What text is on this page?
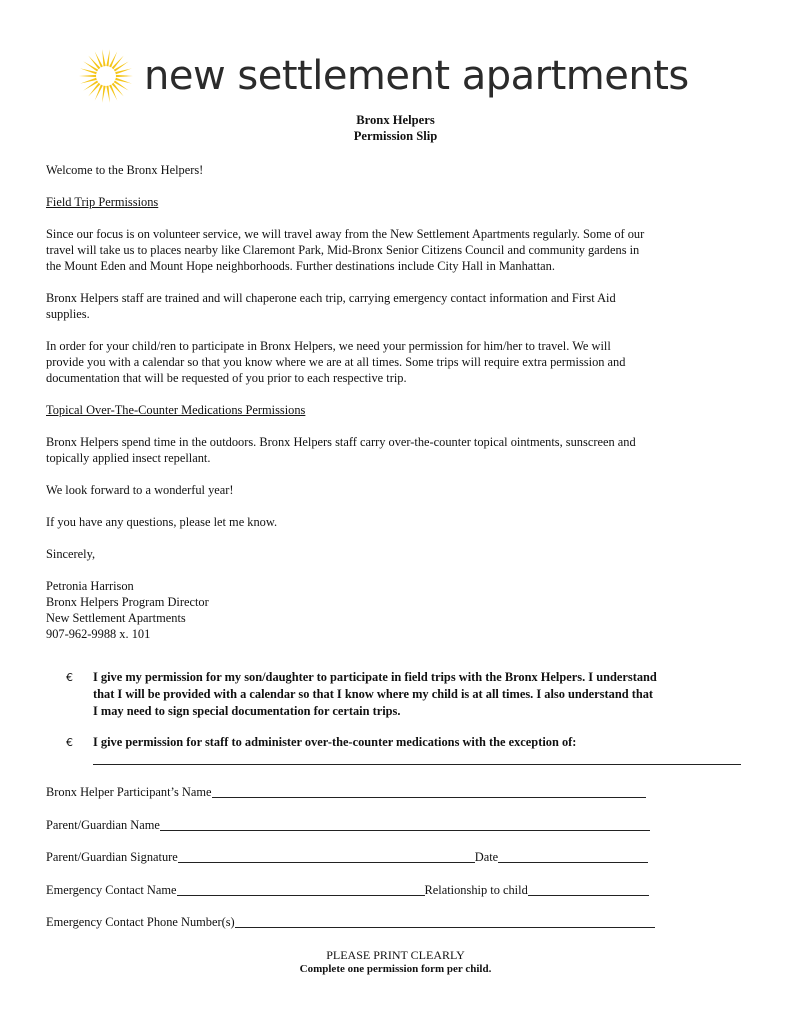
new settlement apartments
Bronx Helpers
Permission Slip

Welcome to the Bronx Helpers!

Field Trip Permissions

Since our focus is on volunteer service, we will travel away from the New Settlement Apartments regularly. Some of our

travel will take us to places nearby like Claremont Park, Mid-Bronx Senior Citizens Council and community gardens in

the Mount Eden and Mount Hope neighborhoods. Further destinations include City Hall in Manhattan.

Bronx Helpers staff are trained and will chaperone each trip, carrying emergency contact information and First Aid

supplies.

In order for your child/ren to participate in Bronx Helpers, we need your permission for him/her to travel. We will

provide you with a calendar so that you know where we are at all times. Some trips will require extra permission and

documentation that will be requested of you prior to each respective trip.

Topical Over-The-Counter Medications Permissions

Bronx Helpers spend time in the outdoors. Bronx Helpers staff carry over-the-counter topical ointments, sunscreen and

topically applied insect repellant.

We look forward to a wonderful year!

If you have any questions, please let me know.

Sincerely,

Petronia Harrison

Bronx Helpers Program Director

New Settlement Apartments

907-962-9988 x. 101

€ I give my permission for my son/daughter to participate in field trips with the Bronx Helpers. I understand
that I will be provided with a calendar so that I know where my child is at all times. I also understand that
I may need to sign special documentation for certain trips.
€ I give permission for staff to administer over-the-counter medications with the exception of:
Bronx Helper Participant’s Name
Parent/Guardian Name
Parent/Guardian Signature	Date
Emergency Contact Name	Relationship to child
Emergency Contact Phone Number(s)
PLEASE PRINT CLEARLY
Complete one permission form per child.
